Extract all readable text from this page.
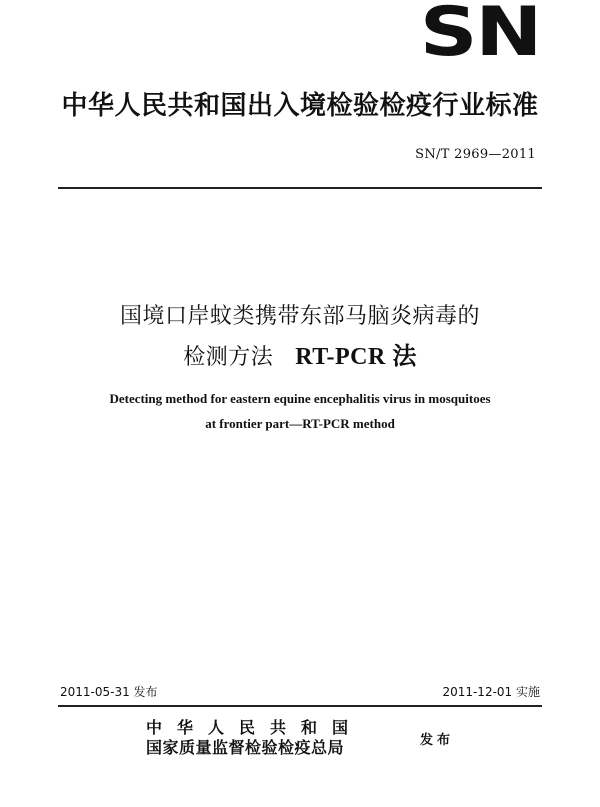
SN
中华人民共和国出入境检验检疫行业标准
SN/T 2969—2011
国境口岸蚊类携带东部马脑炎病毒的
检测方法 RT-PCR 法
Detecting method for eastern equine encephalitis virus in mosquitoes
at frontier part—RT-PCR method
2011-05-31 发布	2011-12-01 实施
中华人民共和国
国家质量监督检验检疫总局	发布
